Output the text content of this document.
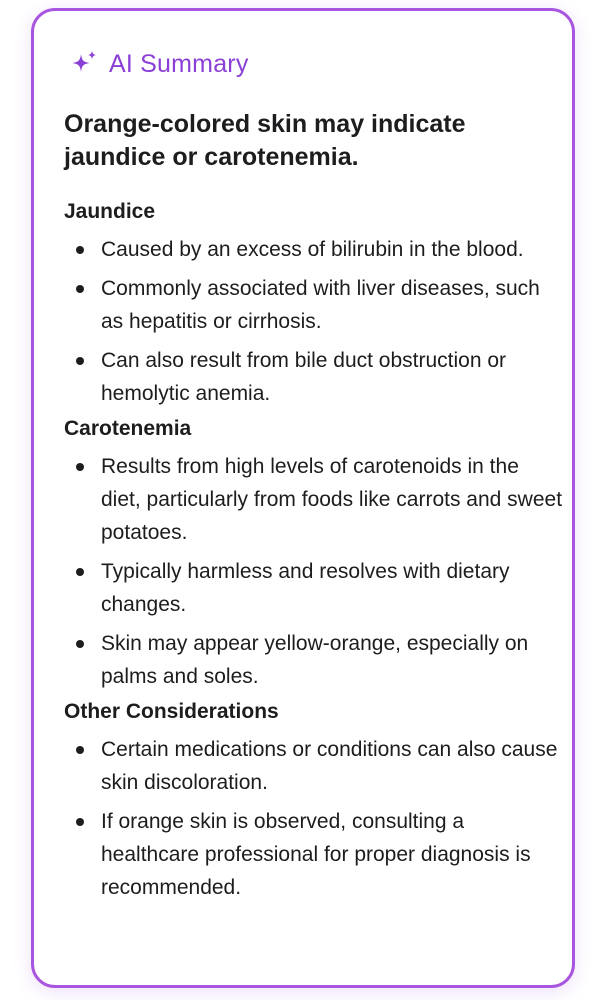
AI Summary
Orange-colored skin may indicate jaundice or carotenemia.

Jaundice

Caused by an excess of bilirubin in the blood.
Commonly associated with liver diseases, such as hepatitis or cirrhosis.
Can also result from bile duct obstruction or hemolytic anemia.

Carotenemia

Results from high levels of carotenoids in the diet, particularly from foods like carrots and sweet potatoes.
Typically harmless and resolves with dietary changes.
Skin may appear yellow-orange, especially on palms and soles.

Other Considerations

Certain medications or conditions can also cause skin discoloration.
If orange skin is observed, consulting a healthcare professional for proper diagnosis is recommended.
